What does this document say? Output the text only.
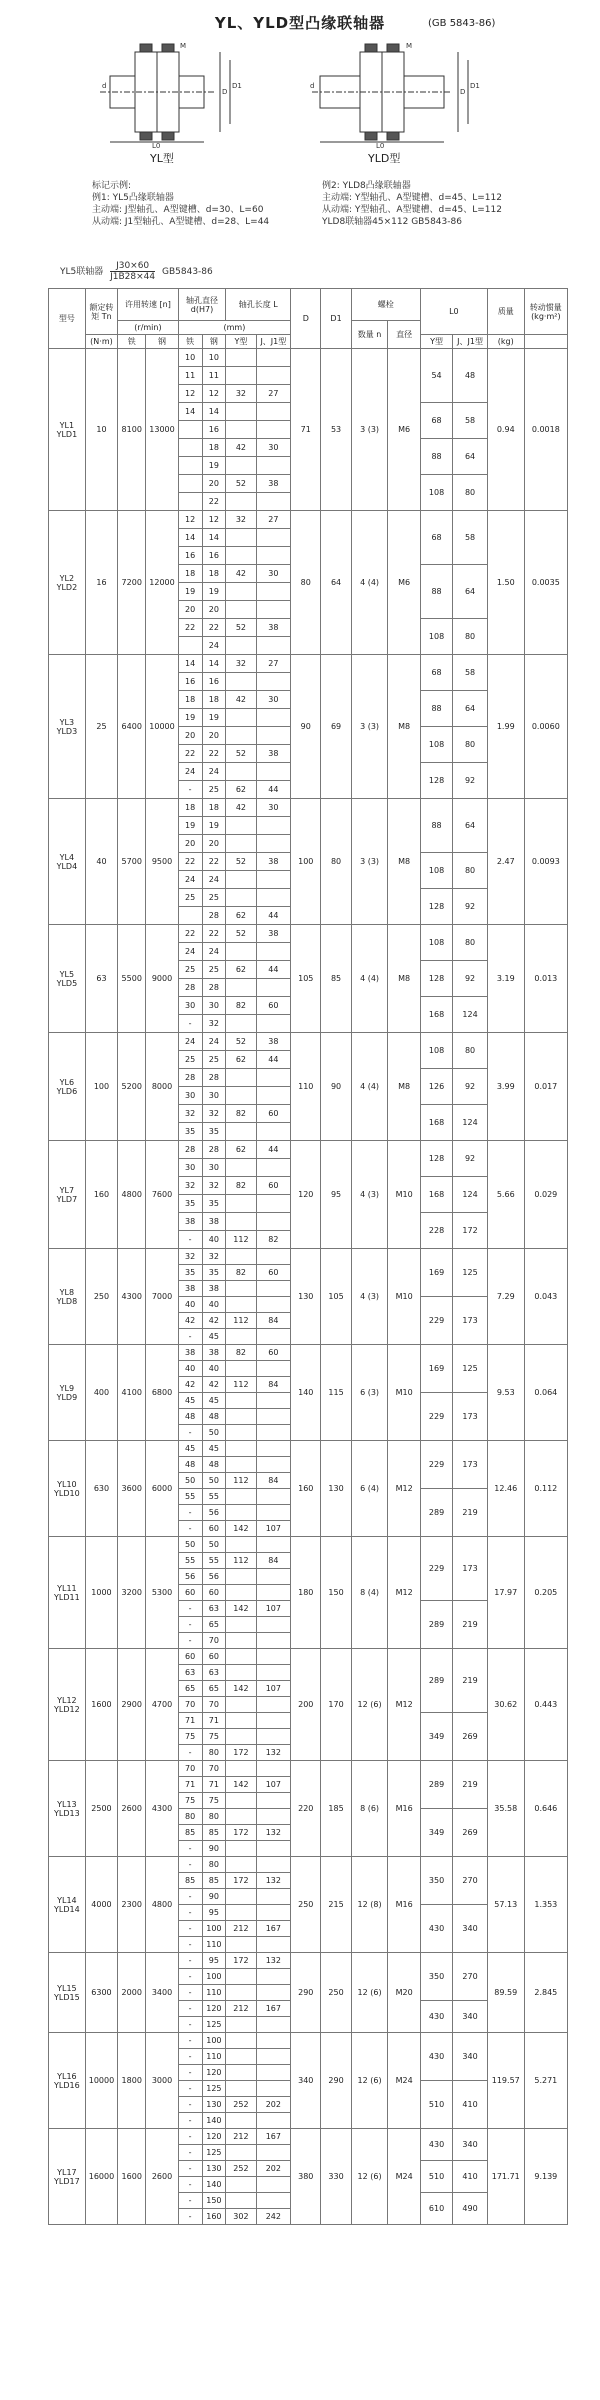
YL、YLD型凸缘联轴器	(GB 5843-86)
D
D1
d
L0
M
YL型
D
D1
d
L0
M
YLD型
标记示例:
例1: YL5凸缘联轴器
主动端: J型轴孔、A型键槽、d=30、L=60
从动端: J1型轴孔、A型键槽、d=28、L=44
例2: YLD8凸缘联轴器
主动端: Y型轴孔、A型键槽、d=45、L=112
从动端: Y型轴孔、A型键槽、d=45、L=112
YLD8联轴器45×112 GB5843-86
YL5联轴器 $\frac{J30\times 60}{J1B28\times 44} GB5843-86$
型号	额定转矩 Tn	许用转速 [n]		轴孔直径 d(H7)		轴孔长度 L		D	D1	螺栓		L0		质量	转动惯量 (kg·m²)
		(r/min)		(mm)						数量 n	直径				
	(N·m)	铁	钢	铁	钢	Y型	J、J1型					Y型	J、J1型	(kg)	
YL1 YLD1	10	8100	13000	10	10			71	53	3 (3)	M6	54	48	0.94	0.0018
				11	11										
				12	12	32	27								
				14	14							68	58		
					16										
					18	42	30					88	64		
					19										
					20	52	38					108	80		
					22										
YL2 YLD2	16	7200	12000	12	12	32	27	80	64	4 (4)	M6	68	58	1.50	0.0035
				14	14										
				16	16										
				18	18	42	30					88	64		
				19	19										
				20	20										
				22	22	52	38					108	80		
					24										
YL3 YLD3	25	6400	10000	14	14	32	27	90	69	3 (3)	M8	68	58	1.99	0.0060
				16	16										
				18	18	42	30					88	64		
				19	19										
				20	20							108	80		
				22	22	52	38								
				24	24							128	92		
				-	25	62	44								
YL4 YLD4	40	5700	9500	18	18	42	30	100	80	3 (3)	M8	88	64	2.47	0.0093
				19	19										
				20	20										
				22	22	52	38					108	80		
				24	24										
				25	25							128	92		
					28	62	44								
YL5 YLD5	63	5500	9000	22	22	52	38	105	85	4 (4)	M8	108	80	3.19	0.013
				24	24										
				25	25	62	44					128	92		
				28	28										
				30	30	82	60					168	124		
				-	32										
YL6 YLD6	100	5200	8000	24	24	52	38	110	90	4 (4)	M8	108	80	3.99	0.017
				25	25	62	44								
				28	28							126	92		
				30	30										
				32	32	82	60					168	124		
				35	35										
YL7 YLD7	160	4800	7600	28	28	62	44	120	95	4 (3)	M10	128	92	5.66	0.029
				30	30										
				32	32	82	60					168	124		
				35	35										
				38	38							228	172		
				-	40	112	82								
YL8 YLD8	250	4300	7000	32	32			130	105	4 (3)	M10	169	125	7.29	0.043
				35	35	82	60								
				38	38										
				40	40							229	173		
				42	42	112	84								
				-	45										
YL9 YLD9	400	4100	6800	38	38	82	60	140	115	6 (3)	M10	169	125	9.53	0.064
				40	40										
				42	42	112	84								
				45	45							229	173		
				48	48										
				-	50										
YL10 YLD10	630	3600	6000	45	45			160	130	6 (4)	M12	229	173	12.46	0.112
				48	48										
				50	50	112	84								
				55	55							289	219		
				-	56										
				-	60	142	107								
YL11 YLD11	1000	3200	5300	50	50			180	150	8 (4)	M12	229	173	17.97	0.205
				55	55	112	84								
				56	56										
				60	60										
				-	63	142	107					289	219		
				-	65										
				-	70										
YL12 YLD12	1600	2900	4700	60	60			200	170	12 (6)	M12	289	219	30.62	0.443
				63	63										
				65	65	142	107								
				70	70										
				71	71							349	269		
				75	75										
				-	80	172	132								
YL13 YLD13	2500	2600	4300	70	70			220	185	8 (6)	M16	289	219	35.58	0.646
				71	71	142	107								
				75	75										
				80	80							349	269		
				85	85	172	132								
				-	90										
YL14 YLD14	4000	2300	4800	-	80			250	215	12 (8)	M16	350	270	57.13	1.353
				85	85	172	132								
				-	90										
				-	95							430	340		
				-	100	212	167								
				-	110										
YL15 YLD15	6300	2000	3400	-	95	172	132	290	250	12 (6)	M20	350	270	89.59	2.845
				-	100										
				-	110										
				-	120	212	167					430	340		
				-	125										
YL16 YLD16	10000	1800	3000	-	100			340	290	12 (6)	M24	430	340	119.57	5.271
				-	110										
				-	120										
				-	125							510	410		
				-	130	252	202								
				-	140										
YL17 YLD17	16000	1600	2600	-	120	212	167	380	330	12 (6)	M24	430	340	171.71	9.139
				-	125										
				-	130	252	202					510	410		
				-	140										
				-	150							610	490		
				-	160	302	242								
